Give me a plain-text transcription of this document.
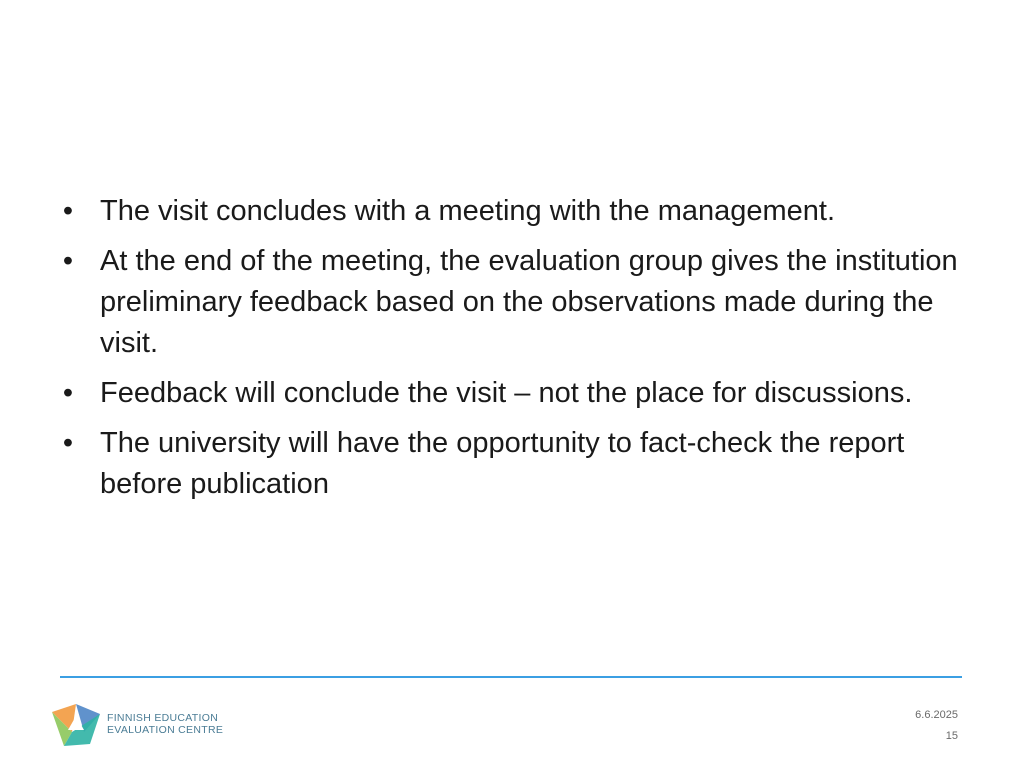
• The visit concludes with a meeting with the management.
• At the end of the meeting, the evaluation group gives the institution preliminary feedback based on the observations made during the visit.
• Feedback will conclude the visit – not the place for discussions.
• The university will have the opportunity to fact-check the report before publication
FINNISH EDUCATION
EVALUATION CENTRE
6.6.2025
15
